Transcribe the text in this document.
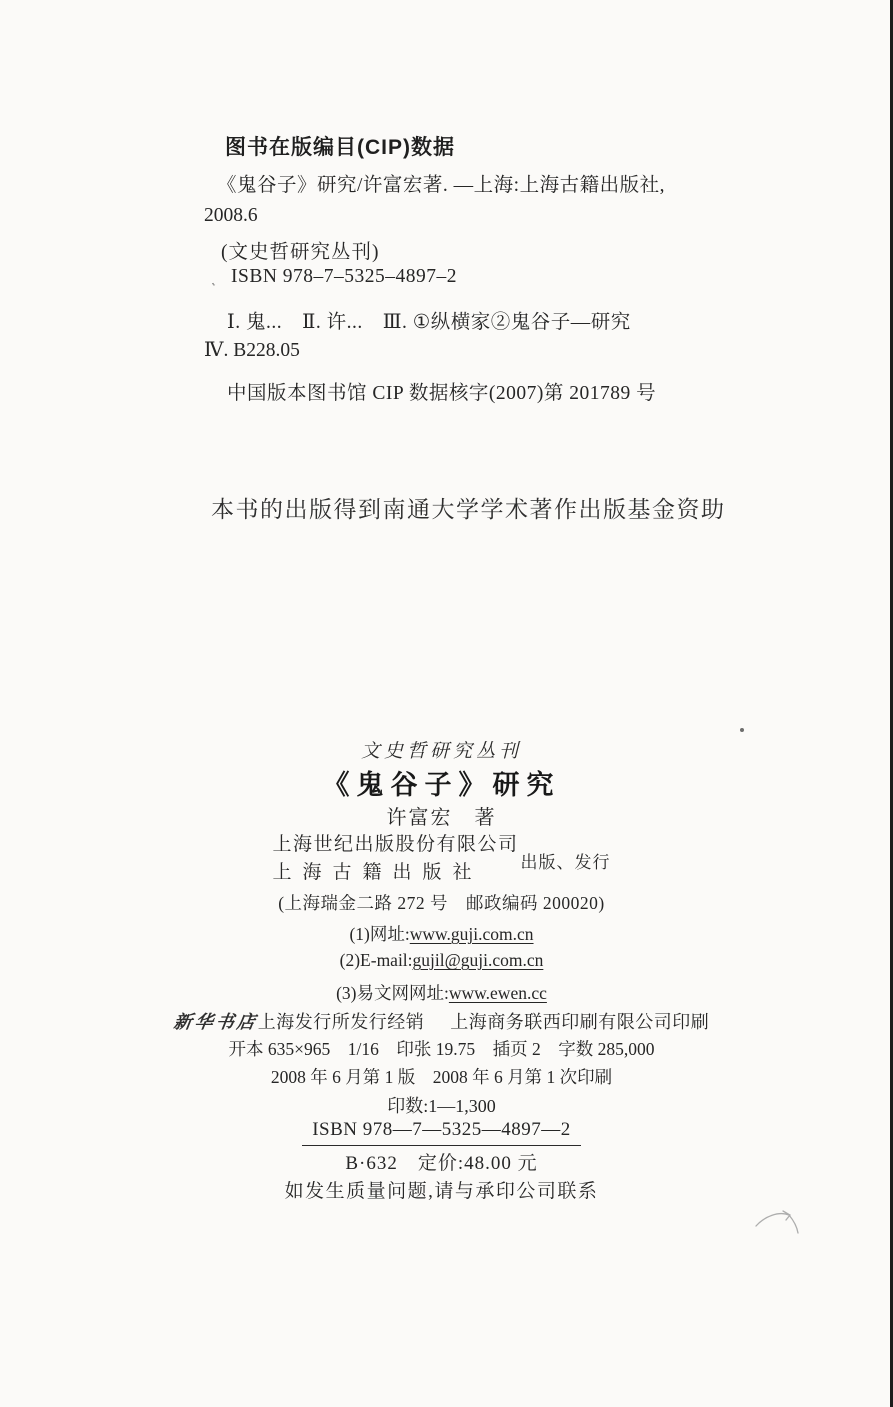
图书在版编目(CIP)数据
《鬼谷子》研究/许富宏著. —上海:上海古籍出版社,
2008.6
(文史哲研究丛刊)
˞ ISBN 978–7–5325–4897–2
Ⅰ. 鬼...　Ⅱ. 许...　Ⅲ. ①纵横家②鬼谷子—研究
Ⅳ. B228.05
中国版本图书馆 CIP 数据核字(2007)第 201789 号
本书的出版得到南通大学学术著作出版基金资助
文史哲研究丛刊
《鬼谷子》研究
许富宏　著
上海世纪出版股份有限公司
上海古籍出版社	出版、发行
(上海瑞金二路 272 号　邮政编码 200020)
(1)网址:www.guji.com.cn
(2)E-mail:gujil@guji.com.cn
(3)易文网网址:www.ewen.cc
新华书店上海发行所发行经销 上海商务联西印刷有限公司印刷
开本 635×965　1/16　印张 19.75　插页 2　字数 285,000
2008 年 6 月第 1 版　2008 年 6 月第 1 次印刷
印数:1—1,300
ISBN 978—7—5325—4897—2
B·632　定价:48.00 元
如发生质量问题,请与承印公司联系
